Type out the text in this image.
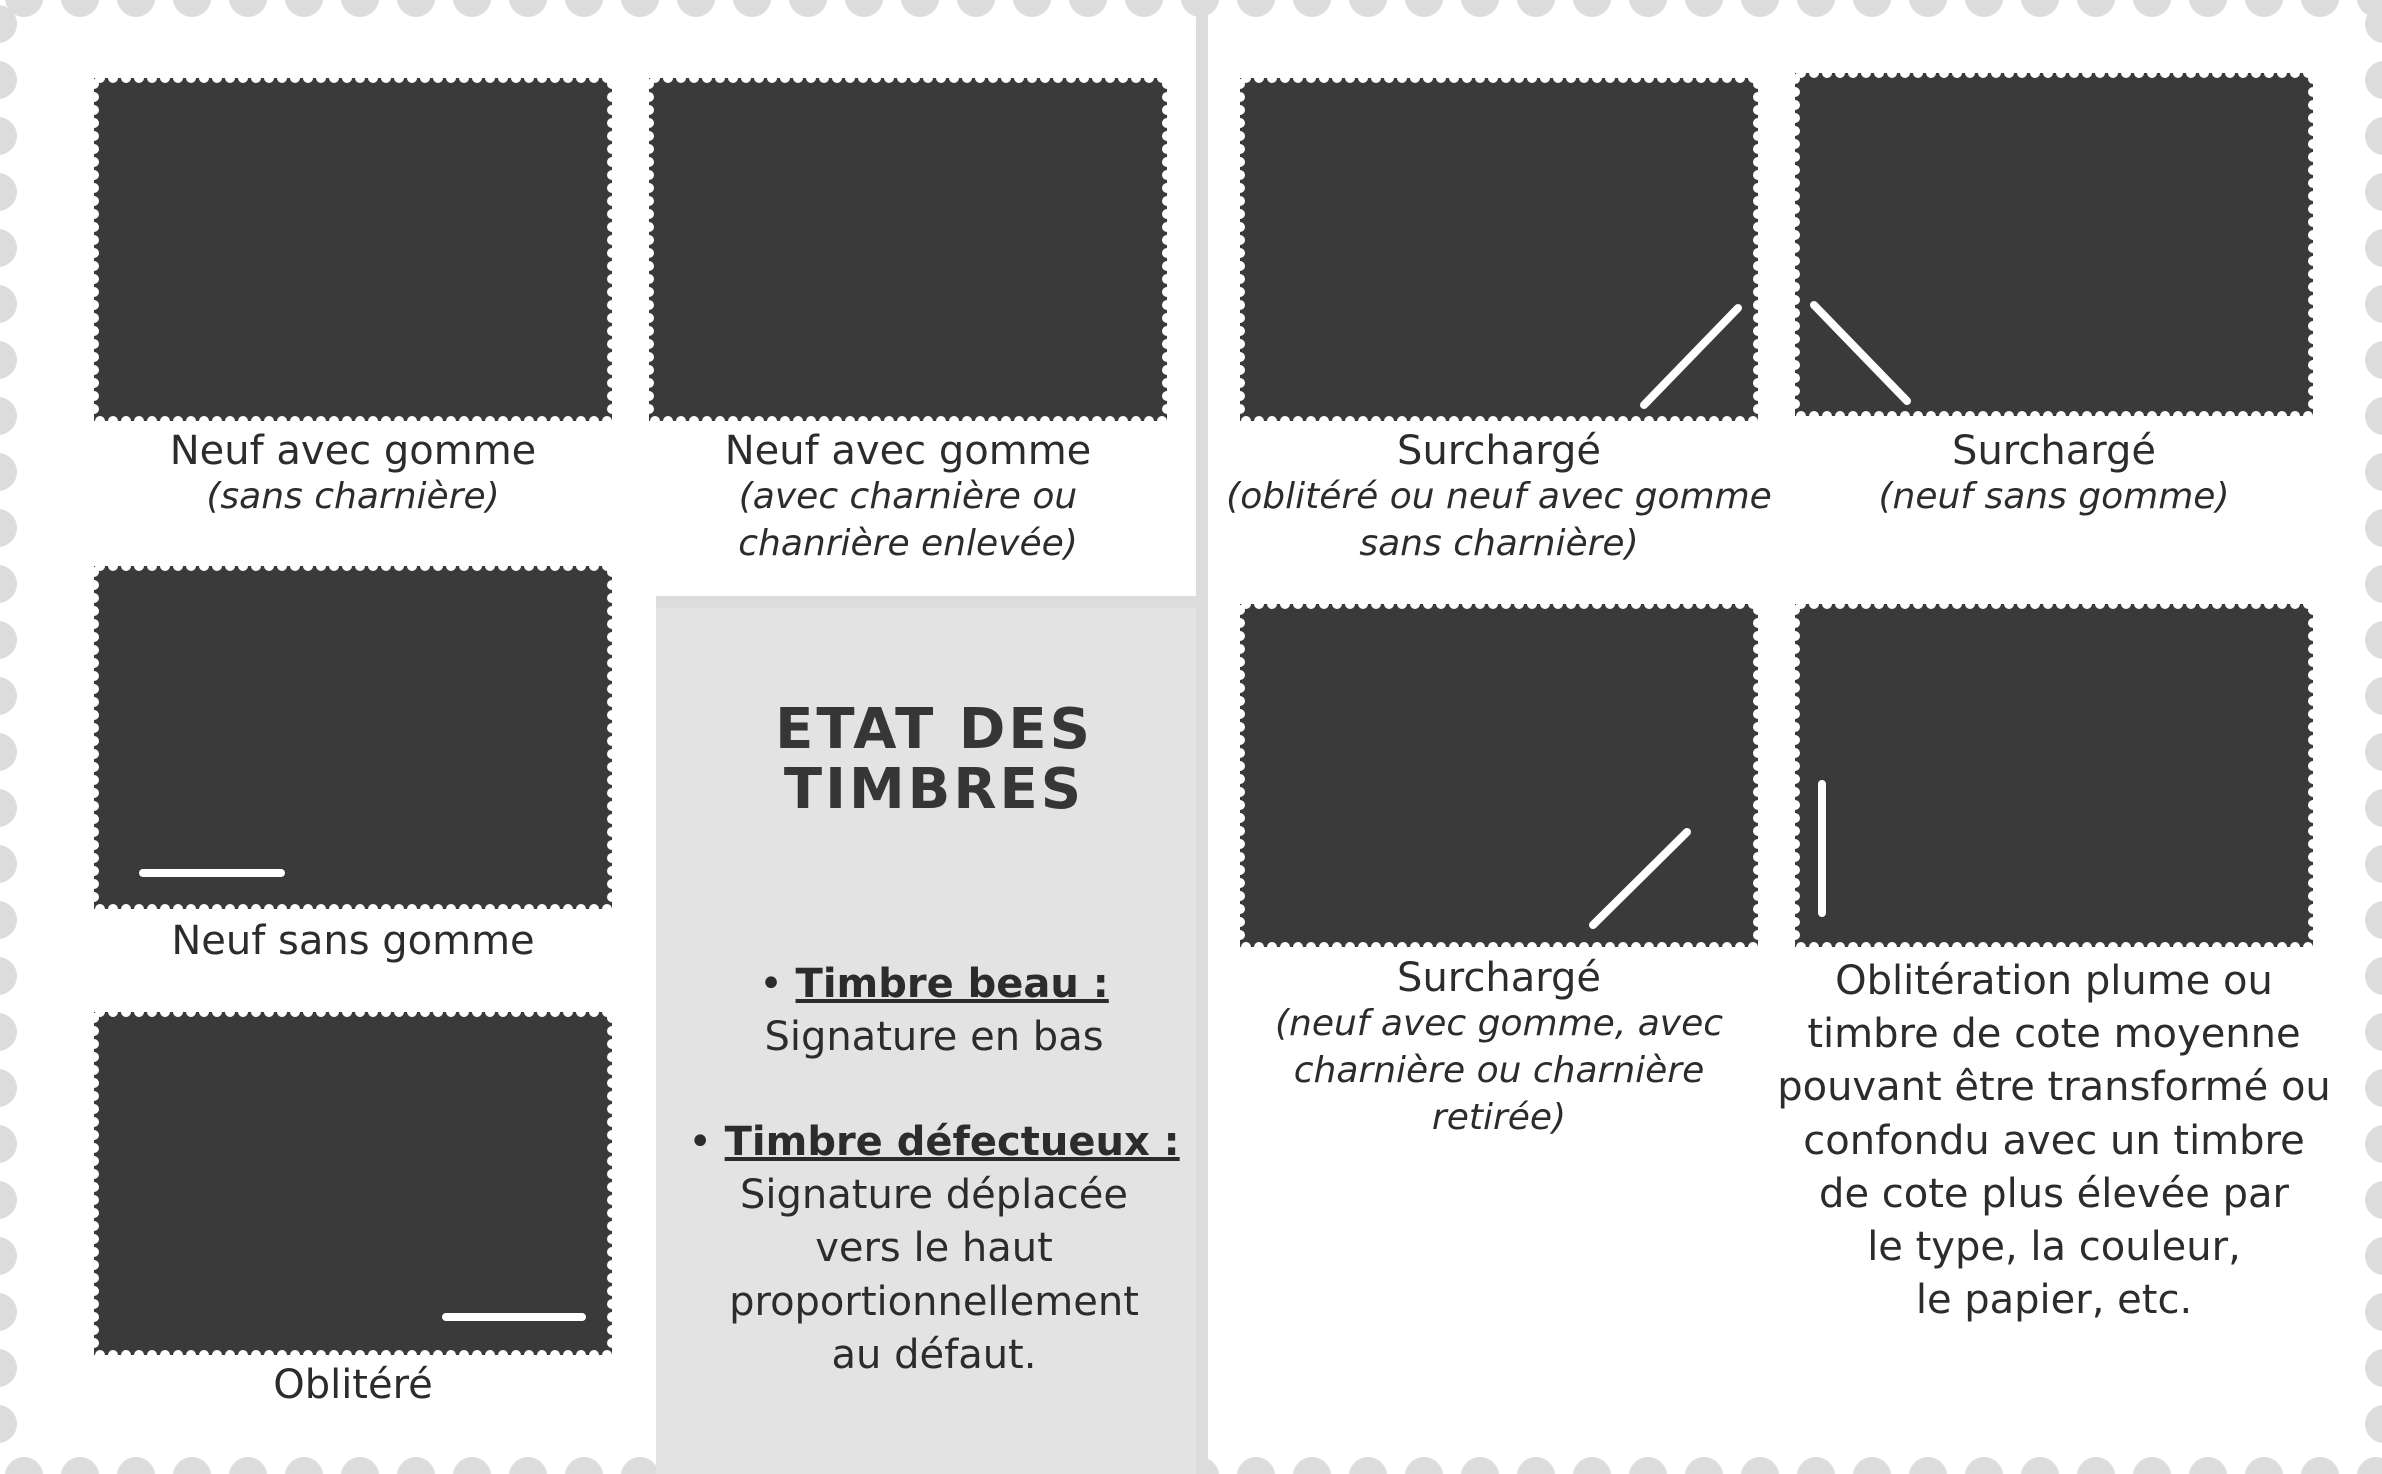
Neuf avec gomme
(sans charnière)
Neuf avec gomme
(avec charnière ou
chanrière enlevée)
Neuf sans gomme
Oblitéré
Surchargé
(oblitéré ou neuf avec gomme
sans charnière)
Surchargé
(neuf sans gomme)
Surchargé
(neuf avec gomme, avec
charnière ou charnière
retirée)
Oblitération plume ou
timbre de cote moyenne
pouvant être transformé ou
confondu avec un timbre
de cote plus élevée par
le type, la couleur,
le papier, etc.
ETAT DES
TIMBRES
• Timbre beau :
Signature en bas
• Timbre défectueux :
Signature déplacée
vers le haut
proportionnellement
au défaut.
